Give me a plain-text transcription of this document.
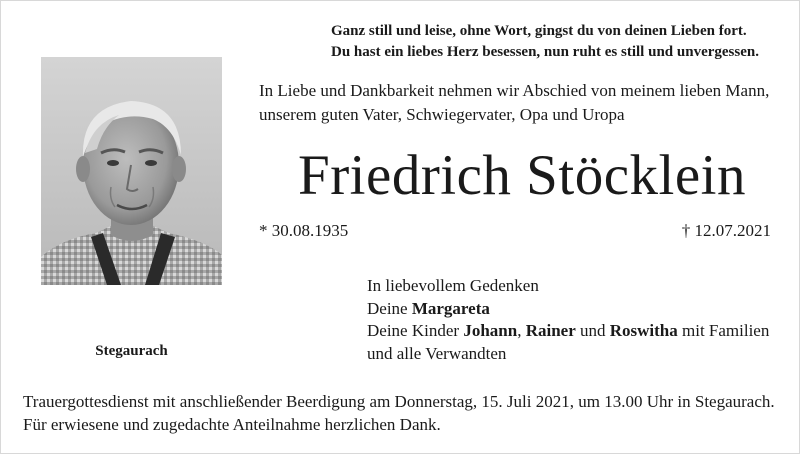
Ganz still und leise, ohne Wort, gingst du von deinen Lieben fort.
Du hast ein liebes Herz besessen, nun ruht es still und unvergessen.
Stegaurach
In Liebe und Dankbarkeit nehmen wir Abschied von meinem lieben Mann,
unserem guten Vater, Schwiegervater, Opa und Uropa
Friedrich Stöcklein
* 30.08.1935	† 12.07.2021
In liebevollem Gedenken
Deine Margareta
Deine Kinder Johann, Rainer und Roswitha mit Familien
und alle Verwandten
Trauergottesdienst mit anschließender Beerdigung am Donnerstag, 15. Juli 2021, um 13.00 Uhr in Stegaurach.
Für erwiesene und zugedachte Anteilnahme herzlichen Dank.
